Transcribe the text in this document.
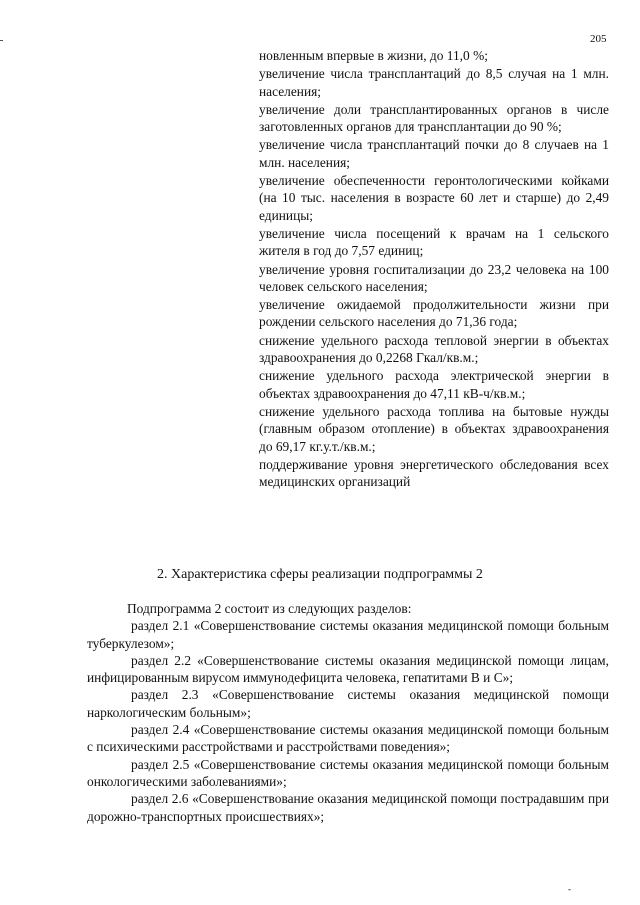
205

новленным впервые в жизни, до 11,0 %;

увеличение числа трансплантаций до 8,5 случая на 1 млн. населения;

увеличение доли трансплантированных органов в числе заготовленных органов для трансплантации до 90 %;

увеличение числа трансплантаций почки до 8 случаев на 1 млн. населения;

увеличение обеспеченности геронтологическими койками (на 10 тыс. населения в возрасте 60 лет и старше) до 2,49 единицы;

увеличение числа посещений к врачам на 1 сельского жителя в год до 7,57 единиц;

увеличение уровня госпитализации до 23,2 человека на 100 человек сельского населения;

увеличение ожидаемой продолжительности жизни при рождении сельского населения до 71,36 года;

снижение удельного расхода тепловой энергии в объектах здравоохранения до 0,2268 Гкал/кв.м.;

снижение удельного расхода электрической энергии в объектах здравоохранения до 47,11 кВ-ч/кв.м.;

снижение удельного расхода топлива на бытовые нужды (главным образом отопление) в объектах здравоохранения до 69,17 кг.у.т./кв.м.;

поддерживание уровня энергетического обследования всех медицинских организаций

2. Характеристика сферы реализации подпрограммы 2

Подпрограмма 2 состоит из следующих разделов:

раздел 2.1 «Совершенствование системы оказания медицинской помощи больным туберкулезом»;

раздел 2.2 «Совершенствование системы оказания медицинской помощи лицам, инфицированным вирусом иммунодефицита человека, гепатитами В и С»;

раздел 2.3 «Совершенствование системы оказания медицинской помощи наркологическим больным»;

раздел 2.4 «Совершенствование системы оказания медицинской помощи больным с психическими расстройствами и расстройствами поведения»;

раздел 2.5 «Совершенствование системы оказания медицинской помощи больным онкологическими заболеваниями»;

раздел 2.6 «Совершенствование оказания медицинской помощи пострадавшим при дорожно-транспортных происшествиях»;

-
